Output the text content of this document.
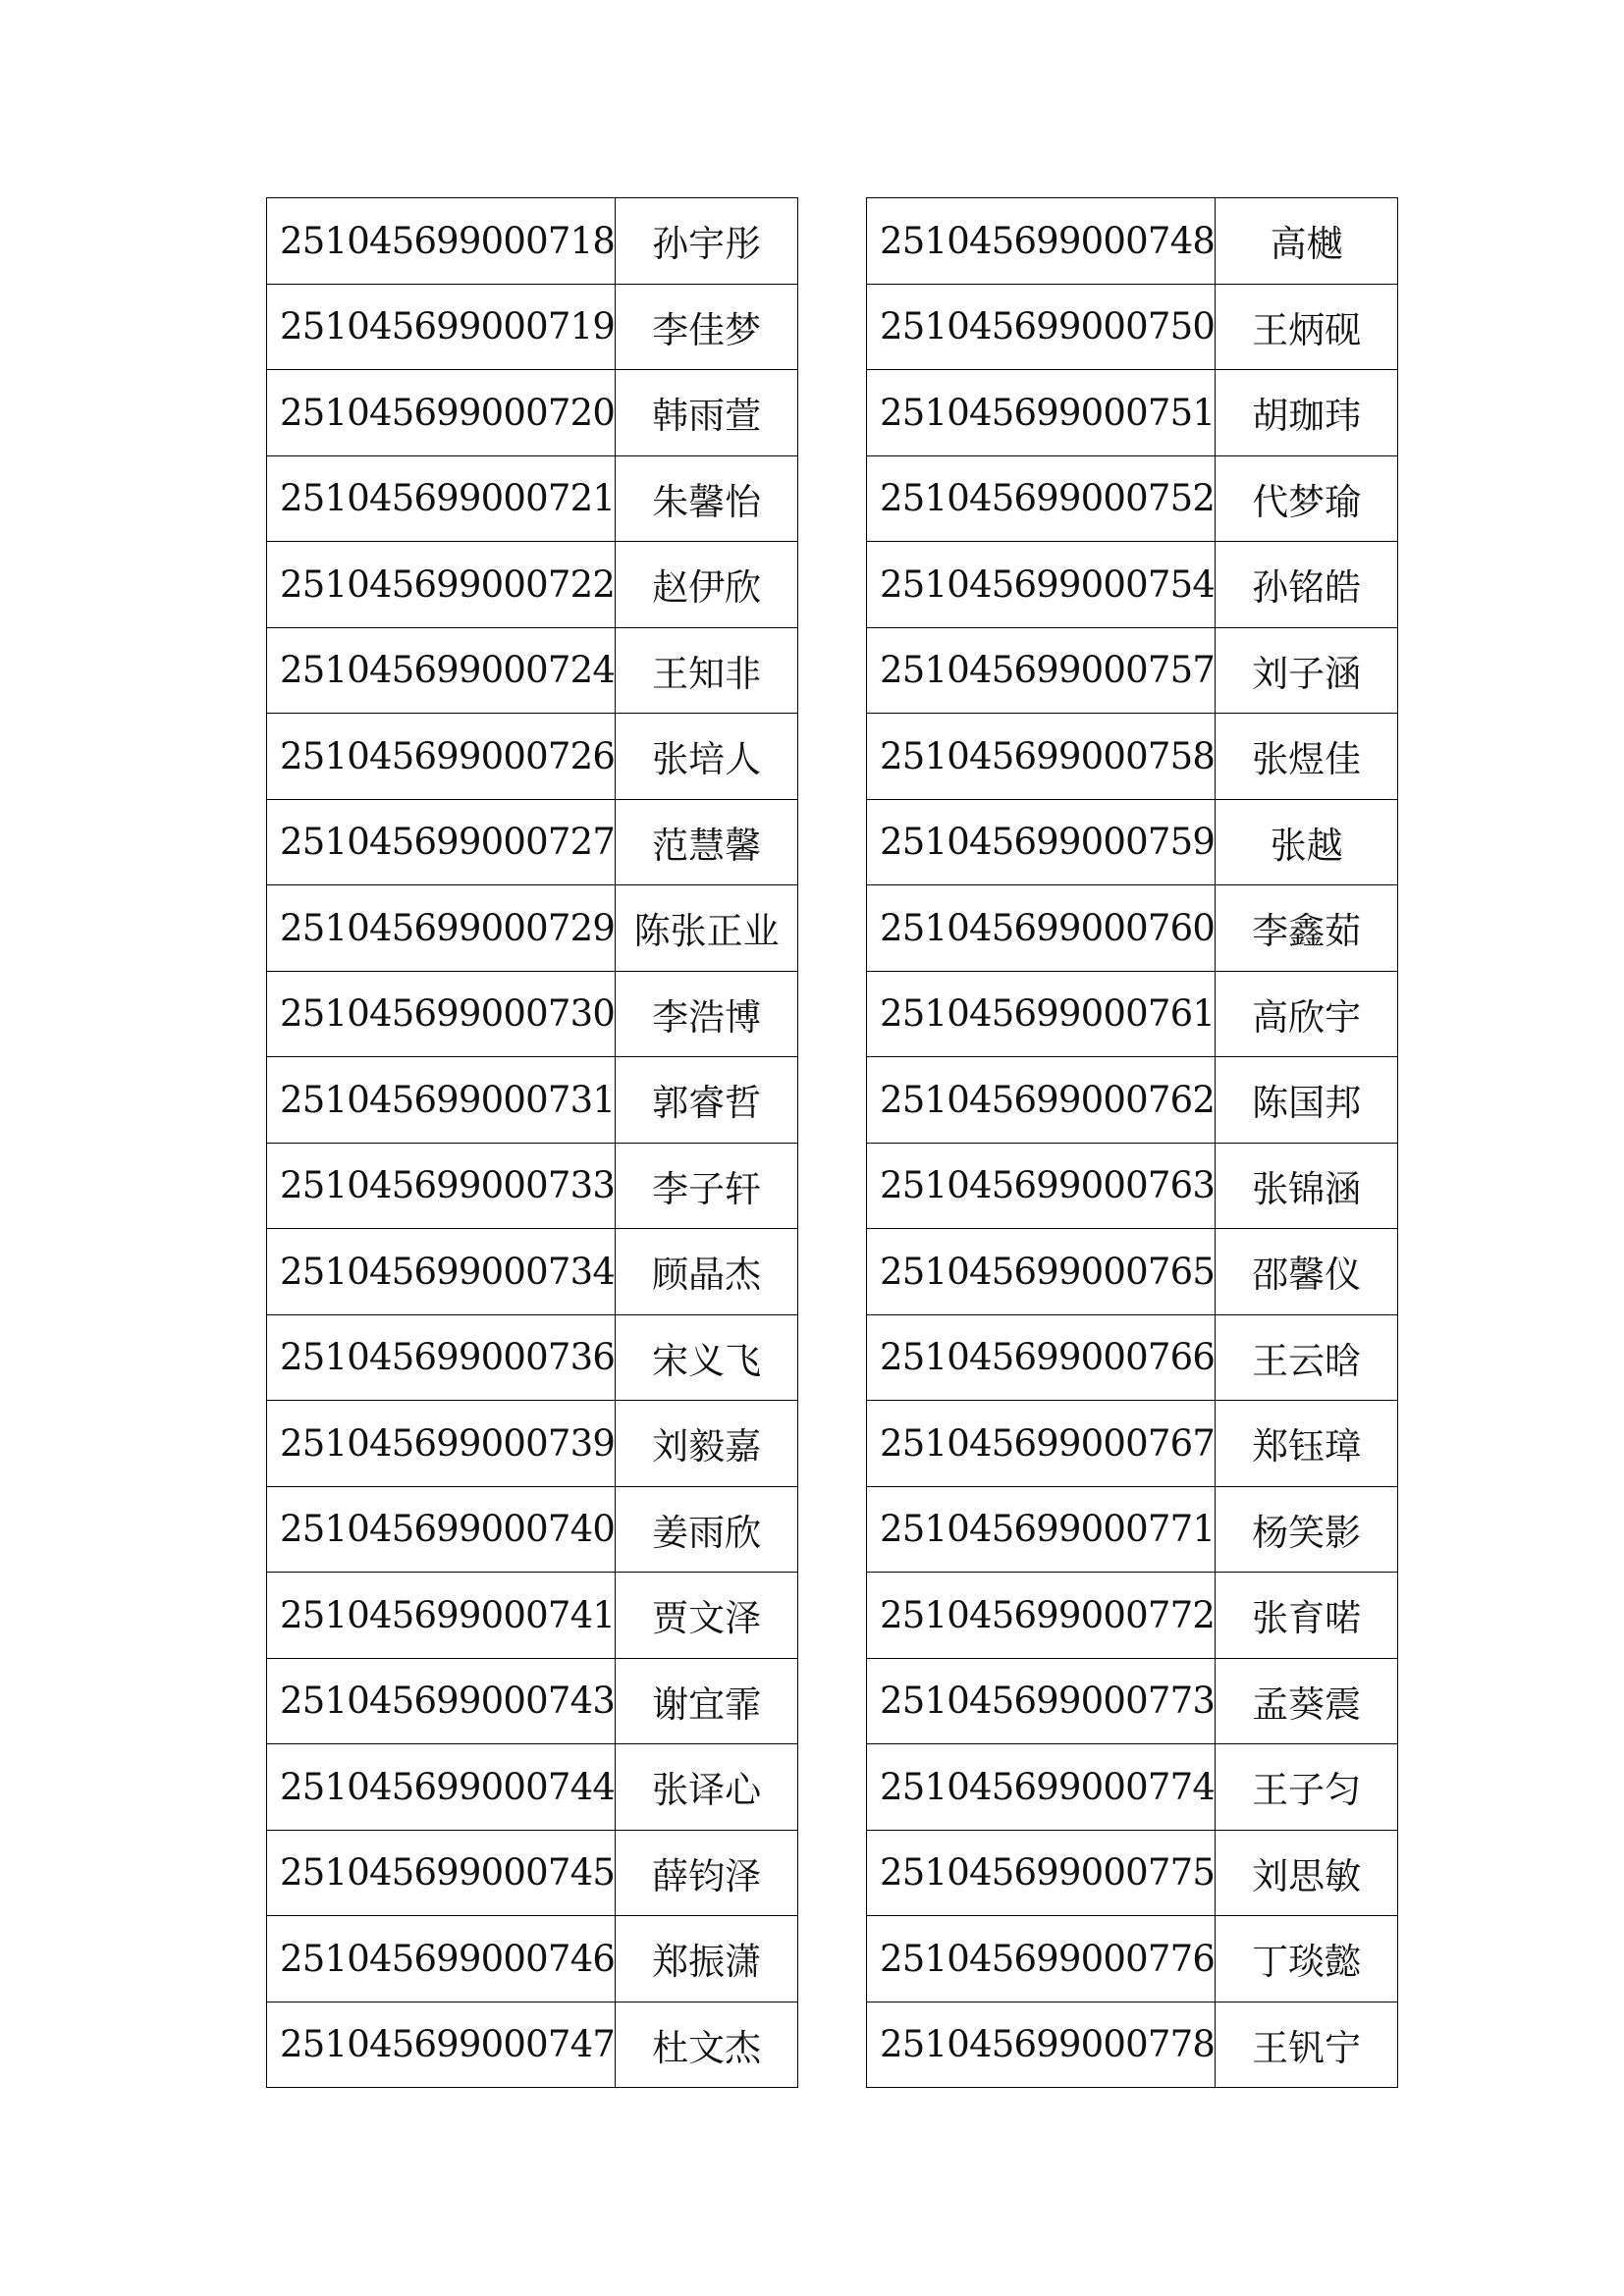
251045699000718	孙宇彤
251045699000719	李佳梦
251045699000720	韩雨萱
251045699000721	朱馨怡
251045699000722	赵伊欣
251045699000724	王知非
251045699000726	张培人
251045699000727	范慧馨
251045699000729	陈张正业
251045699000730	李浩博
251045699000731	郭睿哲
251045699000733	李子轩
251045699000734	顾晶杰
251045699000736	宋义飞
251045699000739	刘毅嘉
251045699000740	姜雨欣
251045699000741	贾文泽
251045699000743	谢宜霏
251045699000744	张译心
251045699000745	薛钧泽
251045699000746	郑振潇
251045699000747	杜文杰
251045699000748	高樾
251045699000750	王炳砚
251045699000751	胡珈玮
251045699000752	代梦瑜
251045699000754	孙铭皓
251045699000757	刘子涵
251045699000758	张煜佳
251045699000759	张越
251045699000760	李鑫茹
251045699000761	高欣宇
251045699000762	陈国邦
251045699000763	张锦涵
251045699000765	邵馨仪
251045699000766	王云晗
251045699000767	郑钰璋
251045699000771	杨笑影
251045699000772	张育喏
251045699000773	孟葵震
251045699000774	王子匀
251045699000775	刘思敏
251045699000776	丁琰懿
251045699000778	王钒宁
